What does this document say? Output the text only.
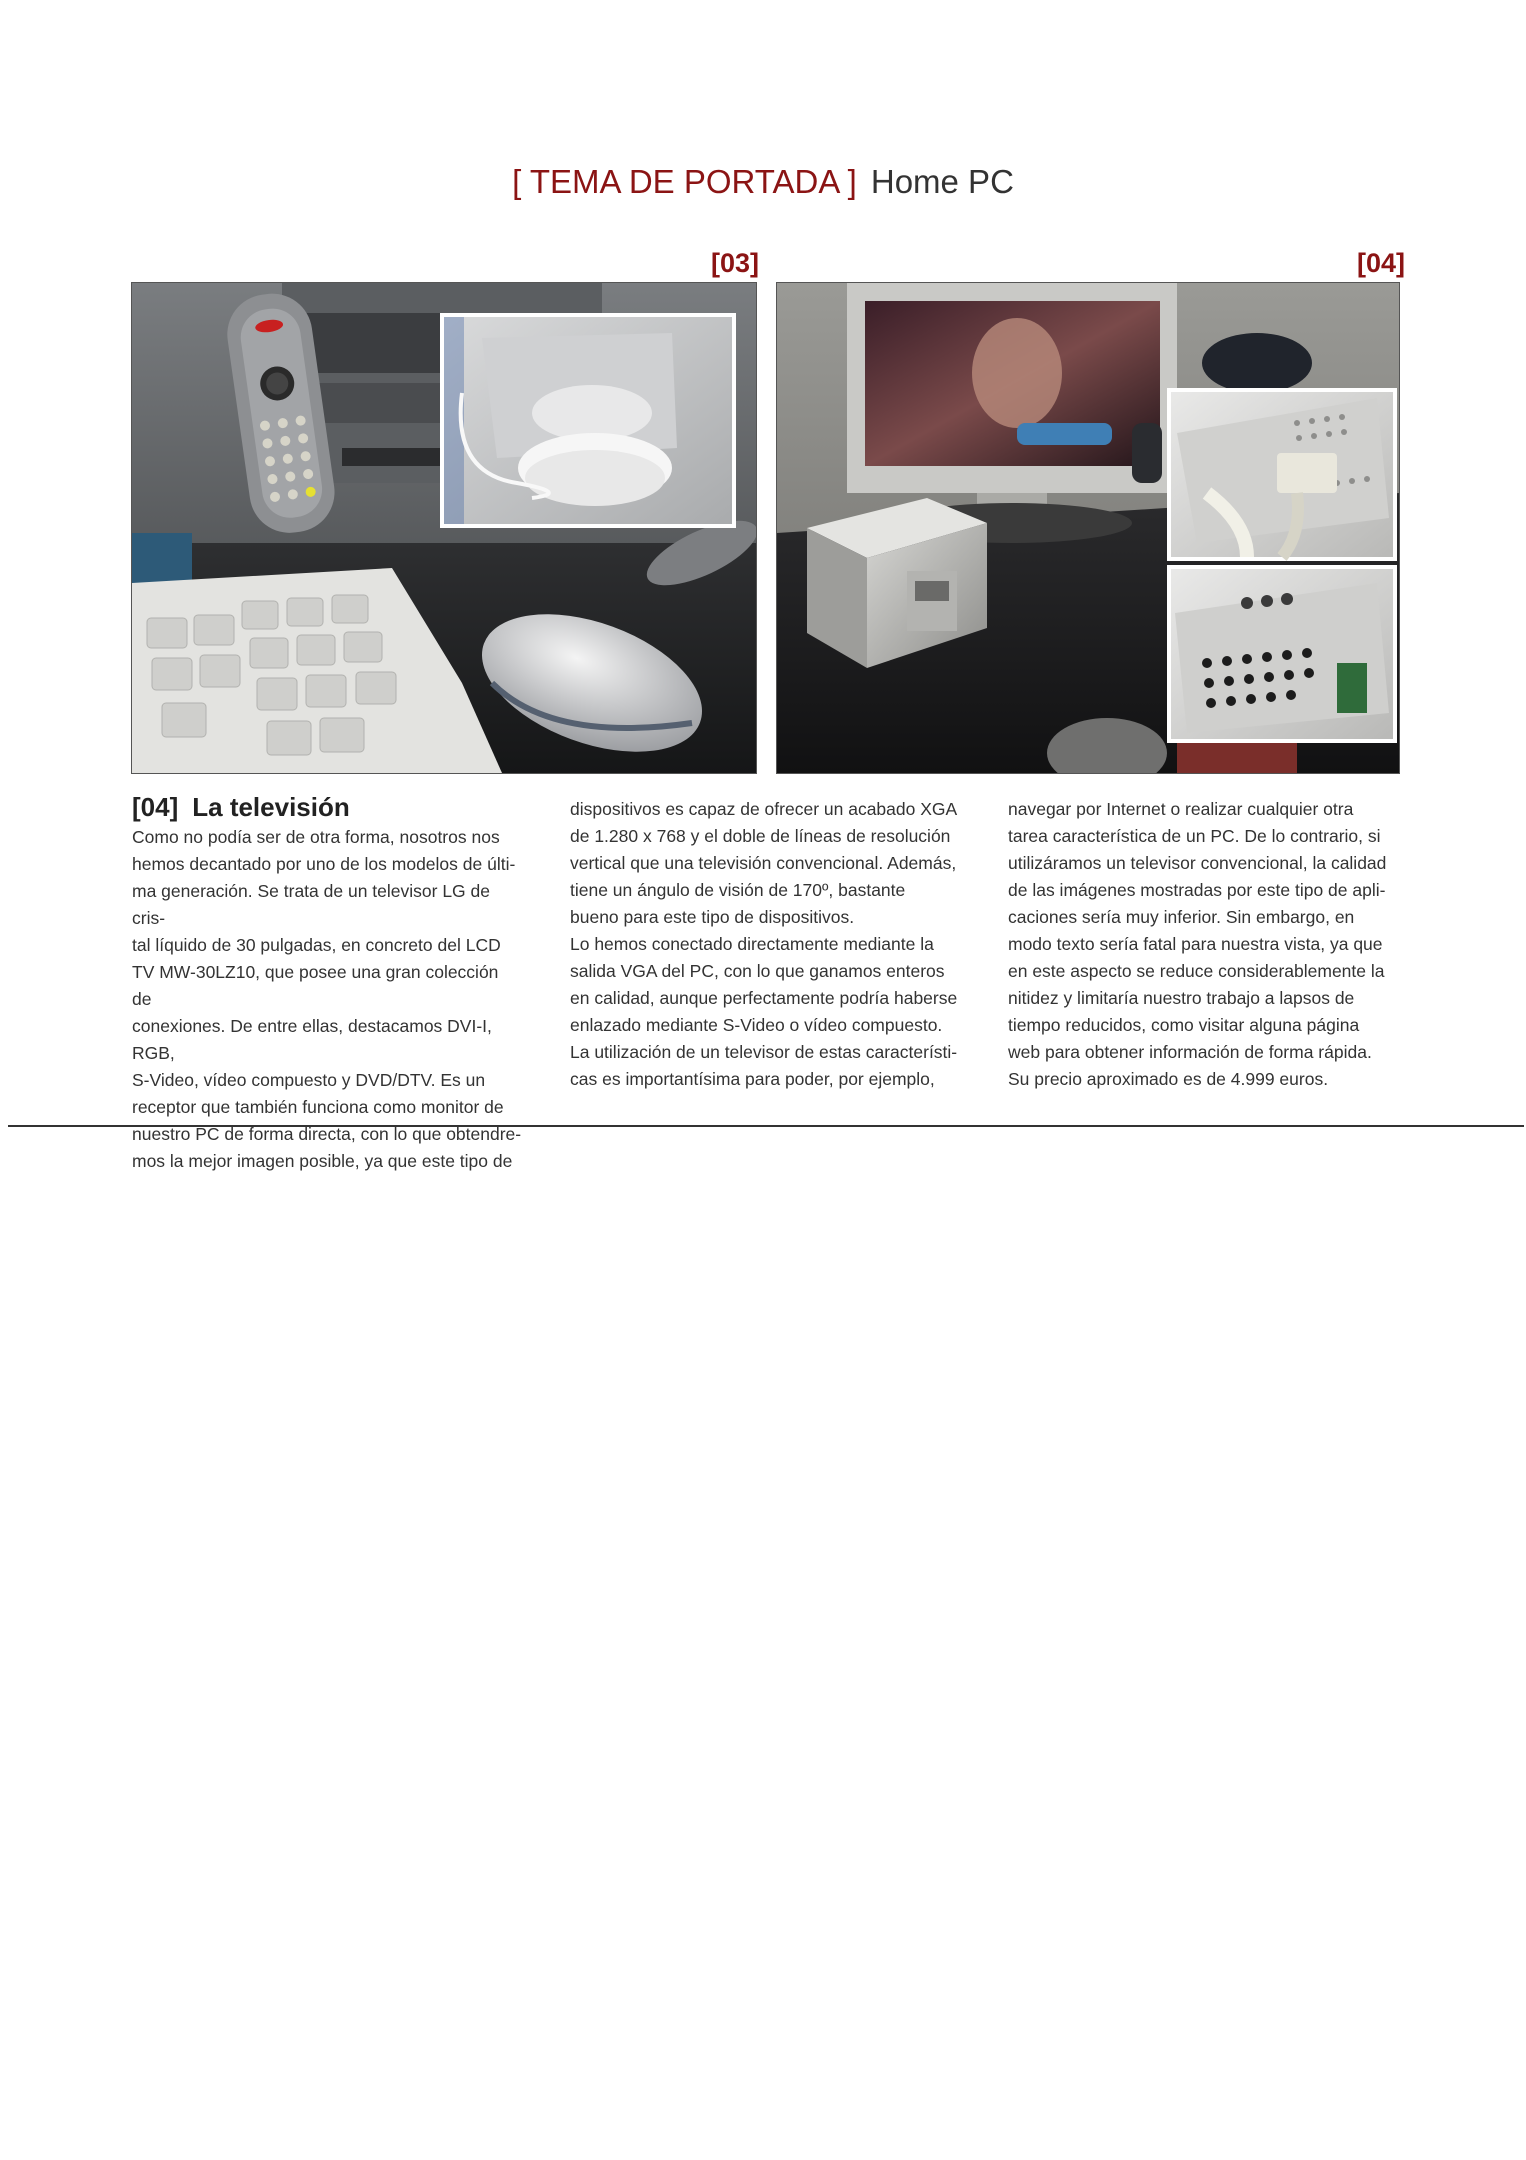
[ TEMA DE PORTADA ] Home PC
[03]	[04]
[04] La televisión

Como no podía ser de otra forma, nosotros nos

hemos decantado por uno de los modelos de últi-

ma generación. Se trata de un televisor LG de cris-

tal líquido de 30 pulgadas, en concreto del LCD

TV MW-30LZ10, que posee una gran colección de

conexiones. De entre ellas, destacamos DVI-I, RGB,

S-Video, vídeo compuesto y DVD/DTV. Es un

receptor que también funciona como monitor de

nuestro PC de forma directa, con lo que obtendre-

mos la mejor imagen posible, ya que este tipo de

dispositivos es capaz de ofrecer un acabado XGA

de 1.280 x 768 y el doble de líneas de resolución

vertical que una televisión convencional. Además,

tiene un ángulo de visión de 170º, bastante

bueno para este tipo de dispositivos.

Lo hemos conectado directamente mediante la

salida VGA del PC, con lo que ganamos enteros

en calidad, aunque perfectamente podría haberse

enlazado mediante S-Video o vídeo compuesto.

La utilización de un televisor de estas característi-

cas es importantísima para poder, por ejemplo,

navegar por Internet o realizar cualquier otra

tarea característica de un PC. De lo contrario, si

utilizáramos un televisor convencional, la calidad

de las imágenes mostradas por este tipo de apli-

caciones sería muy inferior. Sin embargo, en

modo texto sería fatal para nuestra vista, ya que

en este aspecto se reduce considerablemente la

nitidez y limitaría nuestro trabajo a lapsos de

tiempo reducidos, como visitar alguna página

web para obtener información de forma rápida.

Su precio aproximado es de 4.999 euros.
